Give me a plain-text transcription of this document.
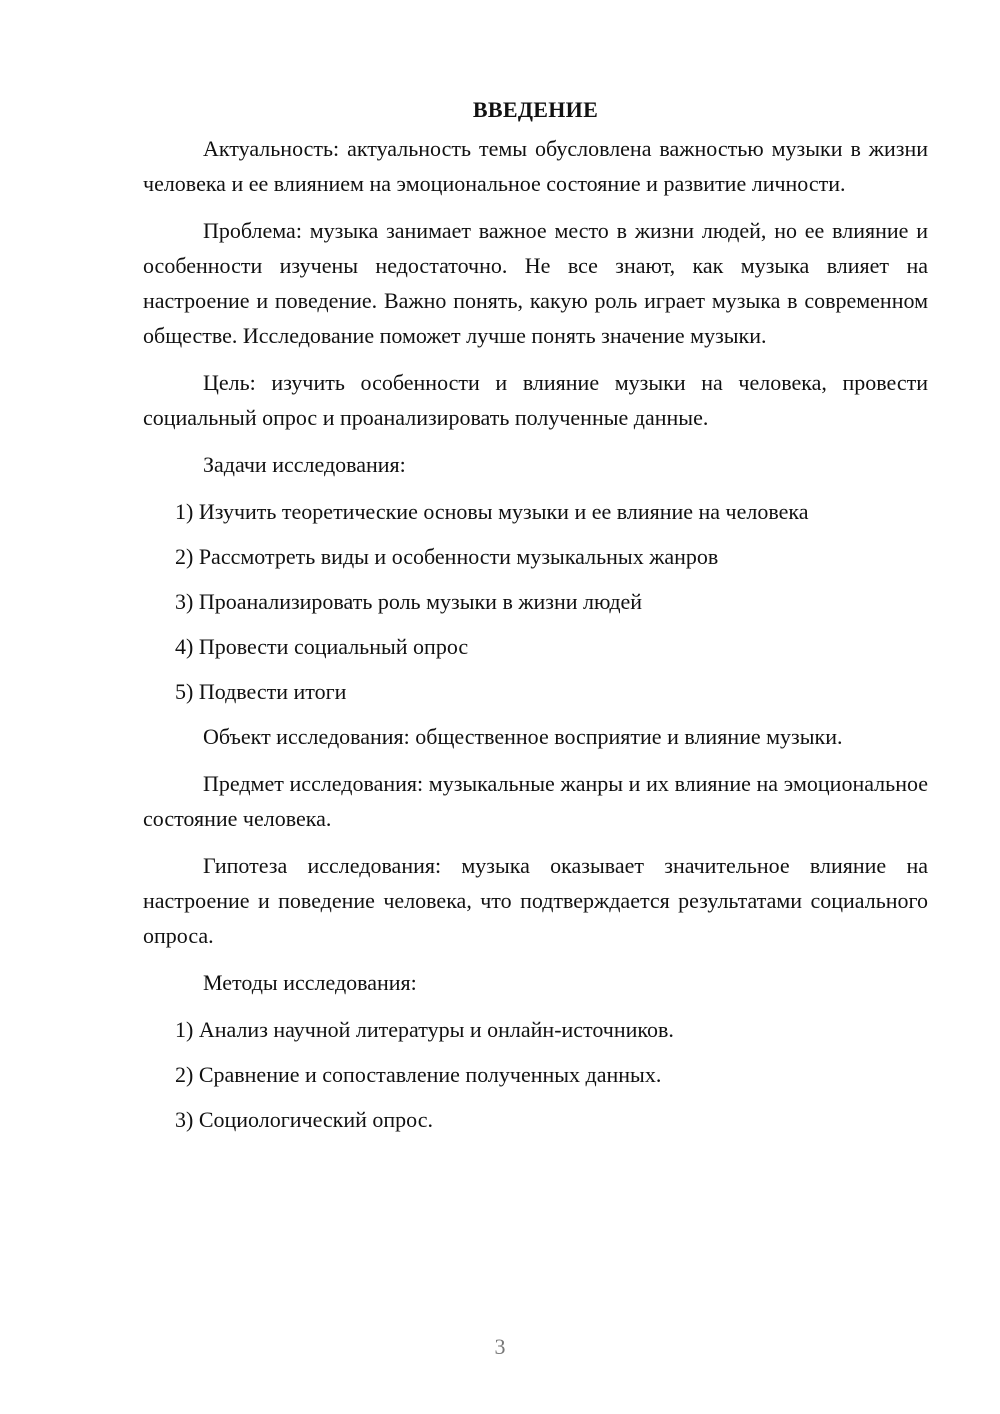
ВВЕДЕНИЕ

Актуальность: актуальность темы обусловлена важностью музыки в жизни человека и ее влиянием на эмоциональное состояние и развитие личности.

Проблема: музыка занимает важное место в жизни людей, но ее влияние и особенности изучены недостаточно. Не все знают, как музыка влияет на настроение и поведение. Важно понять, какую роль играет музыка в современном обществе. Исследование поможет лучше понять значение музыки.

Цель: изучить особенности и влияние музыки на человека, провести социальный опрос и проанализировать полученные данные.

Задачи исследования:

1) Изучить теоретические основы музыки и ее влияние на человека
2) Рассмотреть виды и особенности музыкальных жанров
3) Проанализировать роль музыки в жизни людей
4) Провести социальный опрос
5) Подвести итоги

Объект исследования: общественное восприятие и влияние музыки.

Предмет исследования: музыкальные жанры и их влияние на эмоциональное состояние человека.

Гипотеза исследования: музыка оказывает значительное влияние на настроение и поведение человека, что подтверждается результатами социального опроса.

Методы исследования:

1) Анализ научной литературы и онлайн-источников.
2) Сравнение и сопоставление полученных данных.
3) Социологический опрос.
3
